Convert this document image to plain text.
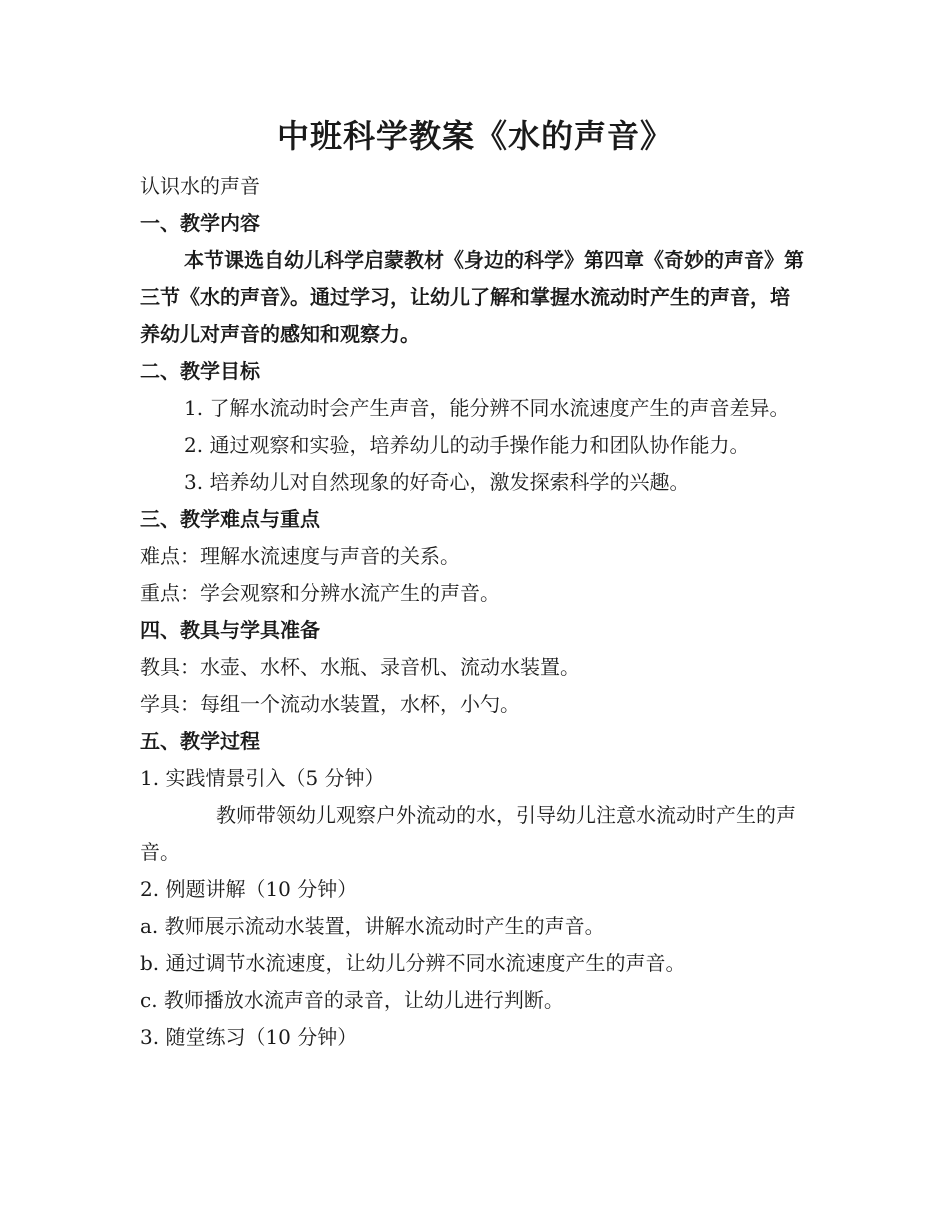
中班科学教案《水的声音》

认识水的声音

一、教学内容

本节课选自幼儿科学启蒙教材《身边的科学》第四章《奇妙的声音》第三节《水的声音》。通过学习，让幼儿了解和掌握水流动时产生的声音，培养幼儿对声音的感知和观察力。

二、教学目标

1. 了解水流动时会产生声音，能分辨不同水流速度产生的声音差异。

2. 通过观察和实验，培养幼儿的动手操作能力和团队协作能力。

3. 培养幼儿对自然现象的好奇心，激发探索科学的兴趣。

三、教学难点与重点

难点：理解水流速度与声音的关系。

重点：学会观察和分辨水流产生的声音。

四、教具与学具准备

教具：水壶、水杯、水瓶、录音机、流动水装置。

学具：每组一个流动水装置，水杯，小勺。

五、教学过程

1. 实践情景引入（5 分钟）

教师带领幼儿观察户外流动的水，引导幼儿注意水流动时产生的声音。

2. 例题讲解（10 分钟）

a. 教师展示流动水装置，讲解水流动时产生的声音。

b. 通过调节水流速度，让幼儿分辨不同水流速度产生的声音。

c. 教师播放水流声音的录音，让幼儿进行判断。

3. 随堂练习（10 分钟）
